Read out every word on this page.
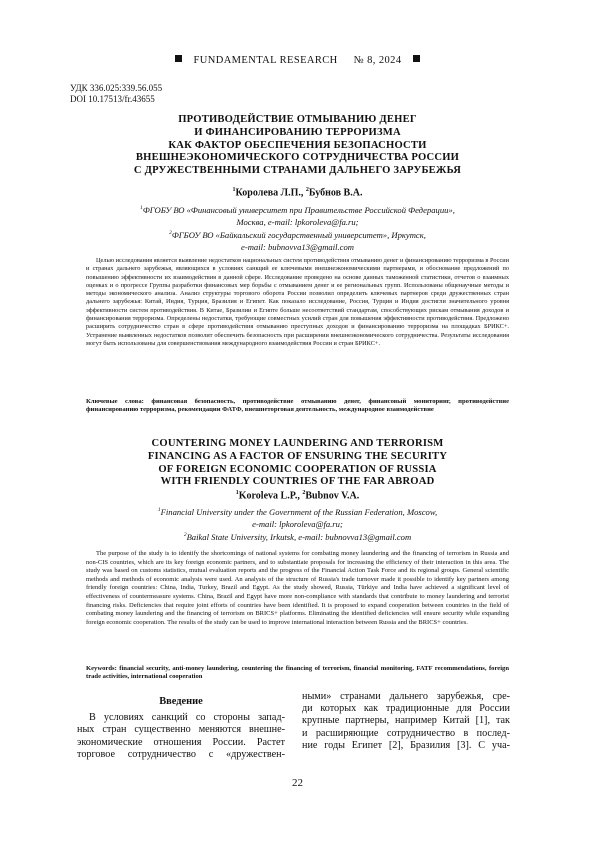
FUNDAMENTAL RESEARCH № 8, 2024
УДК 336.025:339.56.055
DOI 10.17513/fr.43655
ПРОТИВОДЕЙСТВИЕ ОТМЫВАНИЮ ДЕНЕГ
И ФИНАНСИРОВАНИЮ ТЕРРОРИЗМА
КАК ФАКТОР ОБЕСПЕЧЕНИЯ БЕЗОПАСНОСТИ
ВНЕШНЕЭКОНОМИЧЕСКОГО СОТРУДНИЧЕСТВА РОССИИ
С ДРУЖЕСТВЕННЫМИ СТРАНАМИ ДАЛЬНЕГО ЗАРУБЕЖЬЯ
$^1$Королева Л.П., $^2$Бубнов В.А.
$^1$ФГОБУ ВО «Финансовый университет при Правительстве Российской Федерации»,
Москва, e-mail: lpkoroleva@fa.ru;
$^2$ФГБОУ ВО «Байкальский государственный университет», Иркутск,
e-mail: bubnovva13@gmail.com
Целью исследования является выявление недостатков национальных систем противодействия отмыванию денег и финансированию терроризма в России и странах дальнего зарубежья, являющихся в условиях санкций ее ключевыми внешнеэкономическими партнерами, и обоснование предложений по повышению эффективности их взаимодействия в данной сфере. Исследование проведено на основе данных таможенной статистики, отчетов о взаимных оценках и о прогрессе Группы разработки финансовых мер борьбы с отмыванием денег и ее региональных групп. Использованы общенаучные методы и методы экономического анализа. Анализ структуры торгового оборота России позволил определить ключевых партнеров среди дружественных стран дальнего зарубежья: Китай, Индия, Турция, Бразилия и Египет. Как показало исследование, Россия, Турция и Индия достигли значительного уровня эффективности систем противодействия. В Китае, Бразилии и Египте больше несоответствий стандартам, способствующих рискам отмывания доходов и финансирования терроризма. Определены недостатки, требующие совместных усилий стран для повышения эффективности противодействия. Предложено расширить сотрудничество стран в сфере противодействия отмыванию преступных доходов и финансированию терроризма на площадках БРИКС+. Устранение выявленных недостатков позволит обеспечить безопасность при расширении внешнеэкономического сотрудничества. Результаты исследования могут быть использованы для совершенствования международного взаимодействия России и стран БРИКС+.
Ключевые слова: финансовая безопасность, противодействие отмыванию денег, финансовый мониторинг, противодействие финансированию терроризма, рекомендации ФАТФ, внешнеторговая деятельность, международное взаимодействие
COUNTERING MONEY LAUNDERING AND TERRORISM
FINANCING AS A FACTOR OF ENSURING THE SECURITY
OF FOREIGN ECONOMIC COOPERATION OF RUSSIA
WITH FRIENDLY COUNTRIES OF THE FAR ABROAD
$^1$Koroleva L.P., $^2$Bubnov V.A.
$^1$Financial University under the Government of the Russian Federation, Moscow,
e-mail: lpkoroleva@fa.ru;
$^2$Baikal State University, Irkutsk, e-mail: bubnovva13@gmail.com
The purpose of the study is to identify the shortcomings of national systems for combating money laundering and the financing of terrorism in Russia and non-CIS countries, which are its key foreign economic partners, and to substantiate proposals for increasing the efficiency of their interaction in this area. The study was based on customs statistics, mutual evaluation reports and the progress of the Financial Action Task Force and its regional groups. General scientific methods and methods of economic analysis were used. An analysis of the structure of Russia's trade turnover made it possible to identify key partners among friendly foreign countries: China, India, Turkey, Brazil and Egypt. As the study showed, Russia, Türkiye and India have achieved a significant level of effectiveness of countermeasure systems. China, Brazil and Egypt have more non-compliance with standards that contribute to money laundering and terrorist financing risks. Deficiencies that require joint efforts of countries have been identified. It is proposed to expand cooperation between countries in the field of combating money laundering and the financing of terrorism on BRICS+ platforms. Eliminating the identified deficiencies will ensure security while expanding foreign economic cooperation. The results of the study can be used to improve international interaction between Russia and the BRICS+ countries.
Keywords: financial security, anti-money laundering, countering the financing of terrorism, financial monitoring, FATF recommendations, foreign trade activities, international cooperation
Введение

В условиях санкций со стороны запад-
ных стран существенно меняются внешне-
экономические отношения России. Растет
торговое сотрудничество с «дружествен-

ными» странами дальнего зарубежья, сре-
ди которых как традиционные для России
крупные партнеры, например Китай [1], так
и расширяющие сотрудничество в послед-
ние годы Египет [2], Бразилия [3]. С уча-

22
